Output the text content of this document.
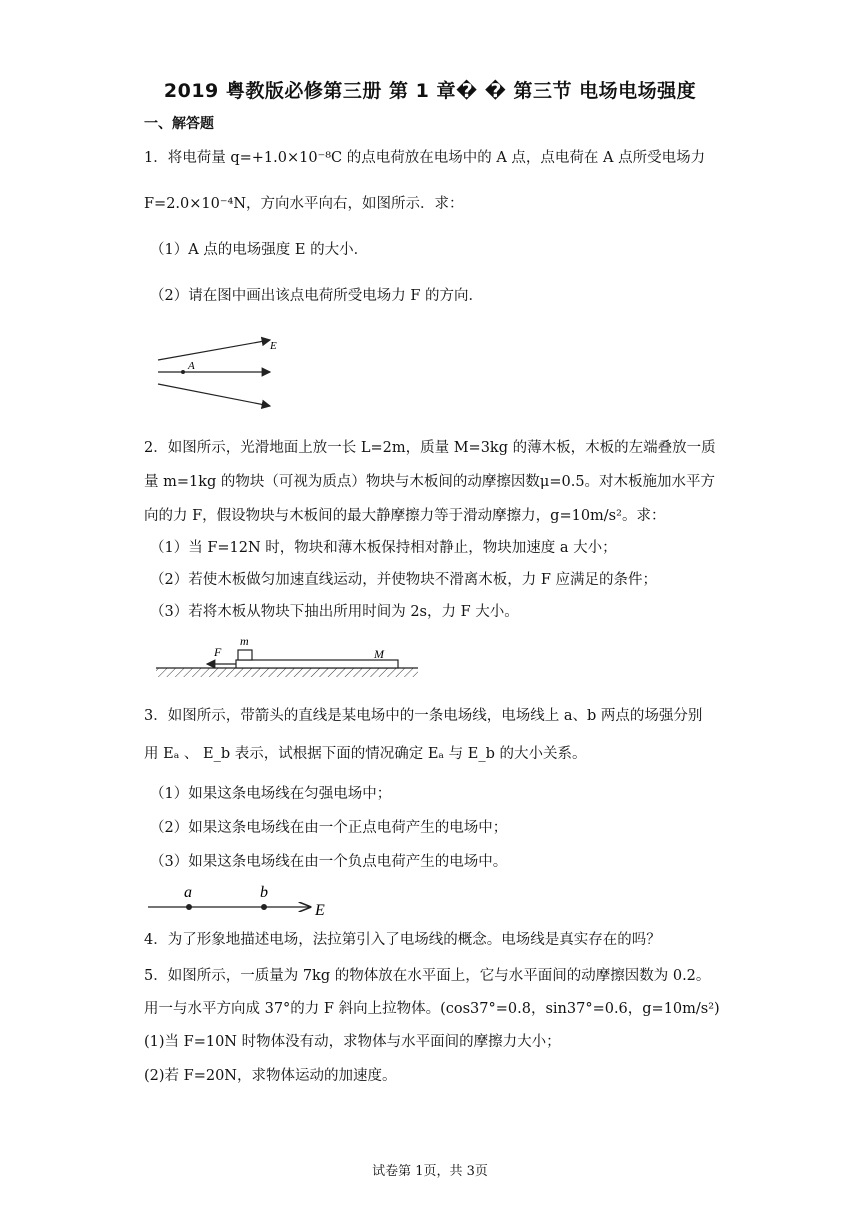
2019 粤教版必修第三册 第 1 章� � 第三节 电场电场强度
一、解答题
1．将电荷量 q=+1.0×10⁻⁸C 的点电荷放在电场中的 A 点，点电荷在 A 点所受电场力
F=2.0×10⁻⁴N，方向水平向右，如图所示．求：
（1）A 点的电场强度 E 的大小．
（2）请在图中画出该点电荷所受电场力 F 的方向．
A
E
2．如图所示，光滑地面上放一长 L=2m，质量 M=3kg 的薄木板，木板的左端叠放一质
量 m=1kg 的物块（可视为质点）物块与木板间的动摩擦因数μ=0.5。对木板施加水平方
向的力 F，假设物块与木板间的最大静摩擦力等于滑动摩擦力，g=10m/s²。求：
（1）当 F=12N 时，物块和薄木板保持相对静止，物块加速度 a 大小；
（2）若使木板做匀加速直线运动，并使物块不滑离木板，力 F 应满足的条件；
（3）若将木板从物块下抽出所用时间为 2s，力 F 大小。
m
M
F
3．如图所示，带箭头的直线是某电场中的一条电场线，电场线上 a、b 两点的场强分别
用 Eₐ 、 E_b 表示，试根据下面的情况确定 Eₐ 与 E_b 的大小关系。
（1）如果这条电场线在匀强电场中；
（2）如果这条电场线在由一个正点电荷产生的电场中；
（3）如果这条电场线在由一个负点电荷产生的电场中。
a	b
E
4．为了形象地描述电场，法拉第引入了电场线的概念。电场线是真实存在的吗？
5．如图所示，一质量为 7kg 的物体放在水平面上，它与水平面间的动摩擦因数为 0.2。
用一与水平方向成 37°的力 F 斜向上拉物体。(cos37°=0.8，sin37°=0.6，g=10m/s²)
(1)当 F=10N 时物体没有动，求物体与水平面间的摩擦力大小；
(2)若 F=20N，求物体运动的加速度。
试卷第 1页，共 3页
